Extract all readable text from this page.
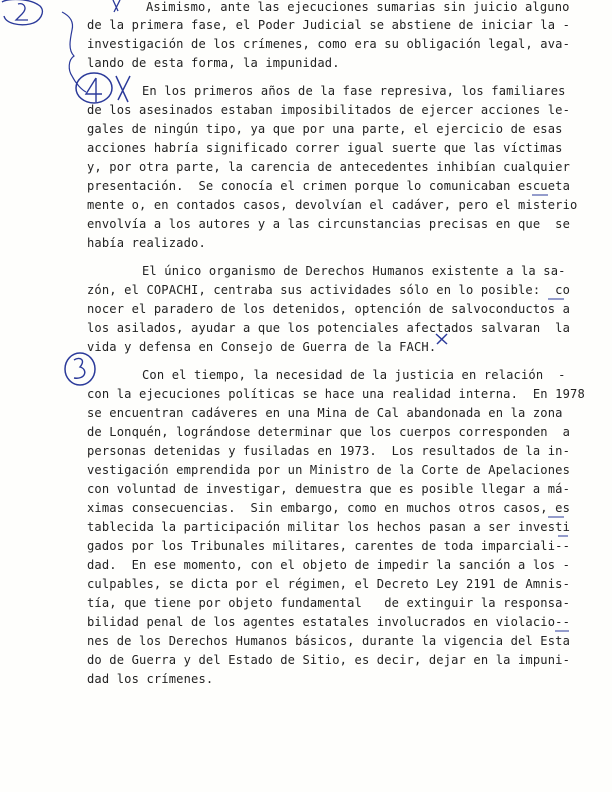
Asimismo, ante las ejecuciones sumarias sin juicio alguno
de la primera fase, el Poder Judicial se abstiene de iniciar la -
investigación de los crímenes, como era su obligación legal, ava-
lando de esta forma, la impunidad.
En los primeros años de la fase represiva, los familiares
de los asesinados estaban imposibilitados de ejercer acciones le-
gales de ningún tipo, ya que por una parte, el ejercicio de esas
acciones habría significado correr igual suerte que las víctimas
y, por otra parte, la carencia de antecedentes inhibían cualquier
presentación.  Se conocía el crimen porque lo comunicaban escueta
mente o, en contados casos, devolvían el cadáver, pero el misterio
envolvía a los autores y a las circunstancias precisas en que  se
había realizado.
El único organismo de Derechos Humanos existente a la sa-
zón, el COPACHI, centraba sus actividades sólo en lo posible:  co
nocer el paradero de los detenidos, optención de salvoconductos a
los asilados, ayudar a que los potenciales afectados salvaran  la
vida y defensa en Consejo de Guerra de la FACH.
Con el tiempo, la necesidad de la justicia en relación  -
con la ejecuciones políticas se hace una realidad interna.  En 1978
se encuentran cadáveres en una Mina de Cal abandonada en la zona
de Lonquén, lográndose determinar que los cuerpos corresponden  a
personas detenidas y fusiladas en 1973.  Los resultados de la in-
vestigación emprendida por un Ministro de la Corte de Apelaciones
con voluntad de investigar, demuestra que es posible llegar a má-
ximas consecuencias.  Sin embargo, como en muchos otros casos, es
tablecida la participación militar los hechos pasan a ser investi
gados por los Tribunales militares, carentes de toda imparciali--
dad.  En ese momento, con el objeto de impedir la sanción a los -
culpables, se dicta por el régimen, el Decreto Ley 2191 de Amnis-
tía, que tiene por objeto fundamental   de extinguir la responsa-
bilidad penal de los agentes estatales involucrados en violacio--
nes de los Derechos Humanos básicos, durante la vigencia del Esta
do de Guerra y del Estado de Sitio, es decir, dejar en la impuni-
dad los crímenes.
